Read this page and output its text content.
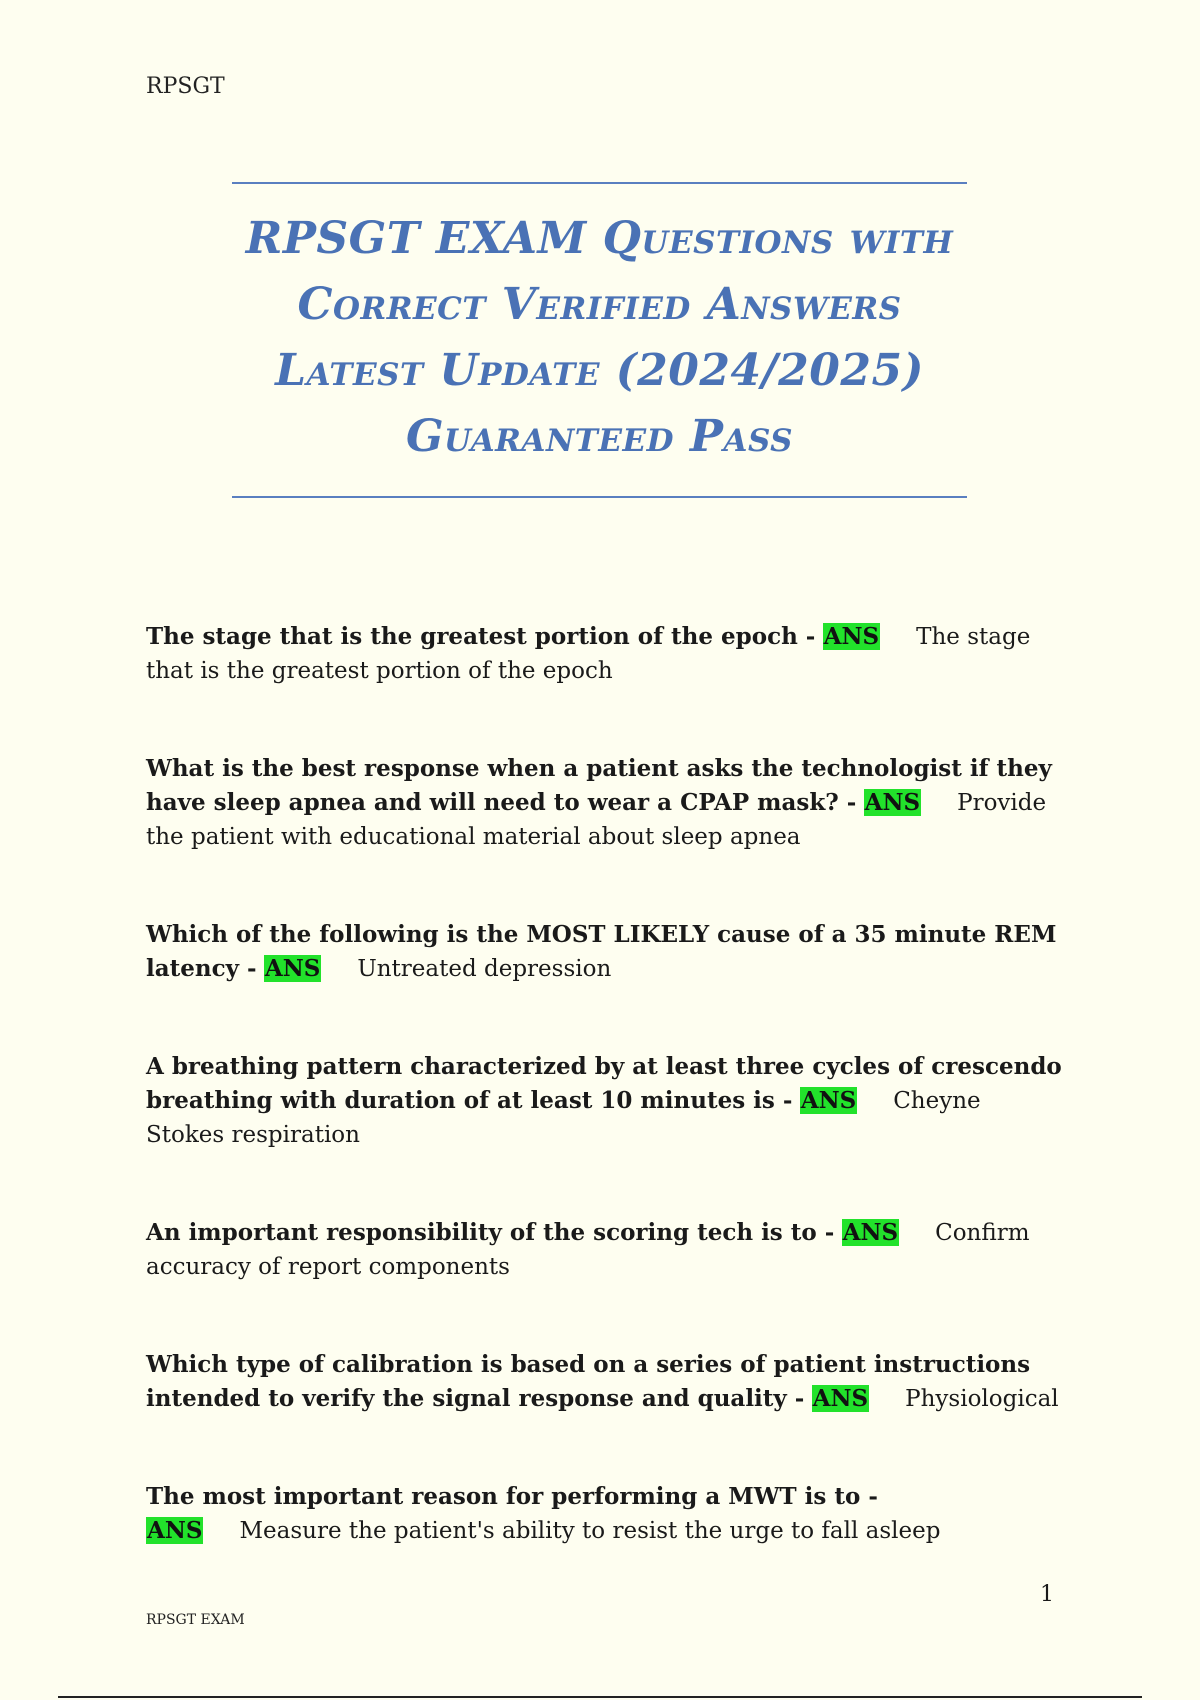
RPSGT
RPSGT EXAM Questions with
Correct Verified Answers
Latest Update (2024/2025)
Guaranteed Pass

The stage that is the greatest portion of the epoch - ANS The stage that is the greatest portion of the epoch

What is the best response when a patient asks the technologist if they have sleep apnea and will need to wear a CPAP mask? - ANS Provide the patient with educational material about sleep apnea

Which of the following is the MOST LIKELY cause of a 35 minute REM latency - ANS Untreated depression

A breathing pattern characterized by at least three cycles of crescendo breathing with duration of at least 10 minutes is - ANS Cheyne Stokes respiration

An important responsibility of the scoring tech is to - ANS Confirm accuracy of report components

Which type of calibration is based on a series of patient instructions intended to verify the signal response and quality - ANS Physiological

The most important reason for performing a MWT is to - ANS Measure the patient's ability to resist the urge to fall asleep

1
RPSGT EXAM
